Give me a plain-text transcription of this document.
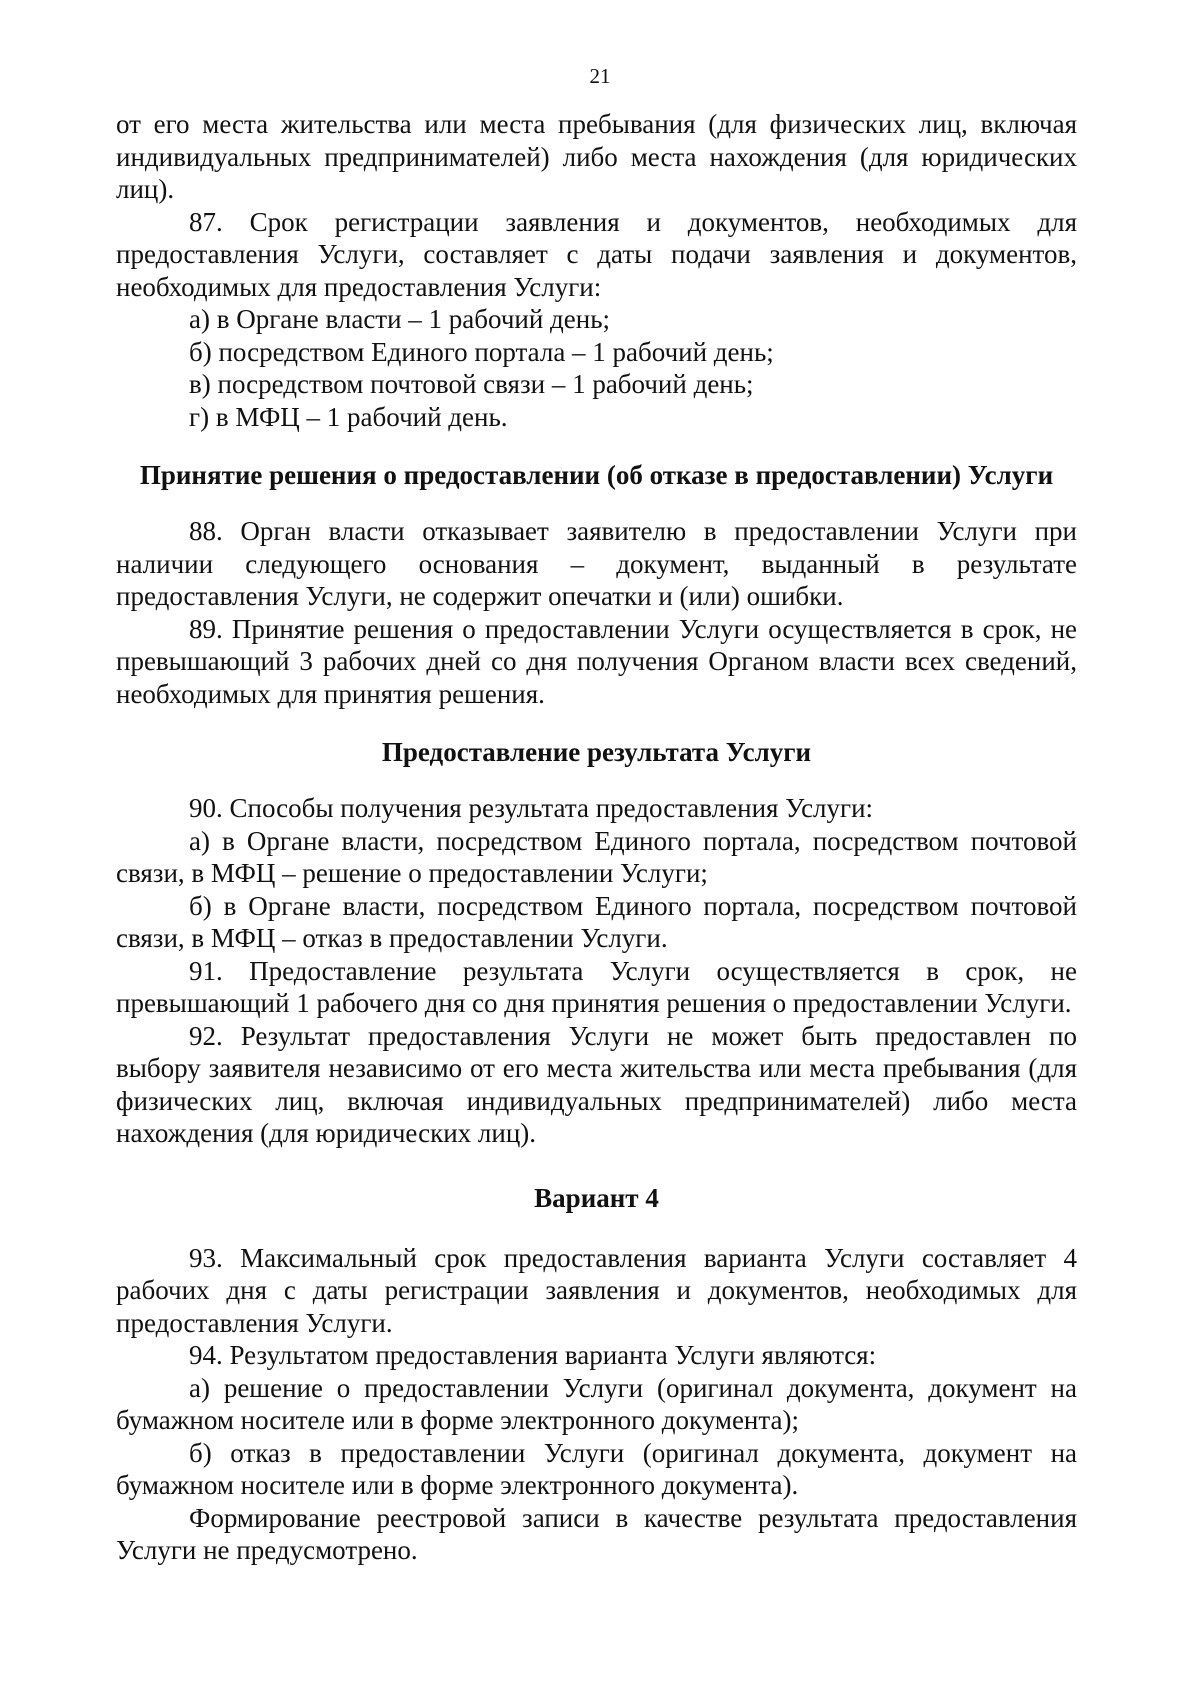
21

от его места жительства или места пребывания (для физических лиц, включая индивидуальных предпринимателей) либо места нахождения (для юридических лиц).

87. Срок регистрации заявления и документов, необходимых для предоставления Услуги, составляет с даты подачи заявления и документов, необходимых для предоставления Услуги:

а) в Органе власти – 1 рабочий день;

б) посредством Единого портала – 1 рабочий день;

в) посредством почтовой связи – 1 рабочий день;

г) в МФЦ – 1 рабочий день.

Принятие решения о предоставлении (об отказе в предоставлении) Услуги

88. Орган власти отказывает заявителю в предоставлении Услуги при наличии следующего основания – документ, выданный в результате предоставления Услуги, не содержит опечатки и (или) ошибки.

89. Принятие решения о предоставлении Услуги осуществляется в срок, не превышающий 3 рабочих дней со дня получения Органом власти всех сведений, необходимых для принятия решения.

Предоставление результата Услуги

90. Способы получения результата предоставления Услуги:

а) в Органе власти, посредством Единого портала, посредством почтовой связи, в МФЦ – решение о предоставлении Услуги;

б) в Органе власти, посредством Единого портала, посредством почтовой связи, в МФЦ – отказ в предоставлении Услуги.

91. Предоставление результата Услуги осуществляется в срок, не превышающий 1 рабочего дня со дня принятия решения о предоставлении Услуги.

92. Результат предоставления Услуги не может быть предоставлен по выбору заявителя независимо от его места жительства или места пребывания (для физических лиц, включая индивидуальных предпринимателей) либо места нахождения (для юридических лиц).

Вариант 4

93. Максимальный срок предоставления варианта Услуги составляет 4 рабочих дня с даты регистрации заявления и документов, необходимых для предоставления Услуги.

94. Результатом предоставления варианта Услуги являются:

а) решение о предоставлении Услуги (оригинал документа, документ на бумажном носителе или в форме электронного документа);

б) отказ в предоставлении Услуги (оригинал документа, документ на бумажном носителе или в форме электронного документа).

Формирование реестровой записи в качестве результата предоставления Услуги не предусмотрено.
